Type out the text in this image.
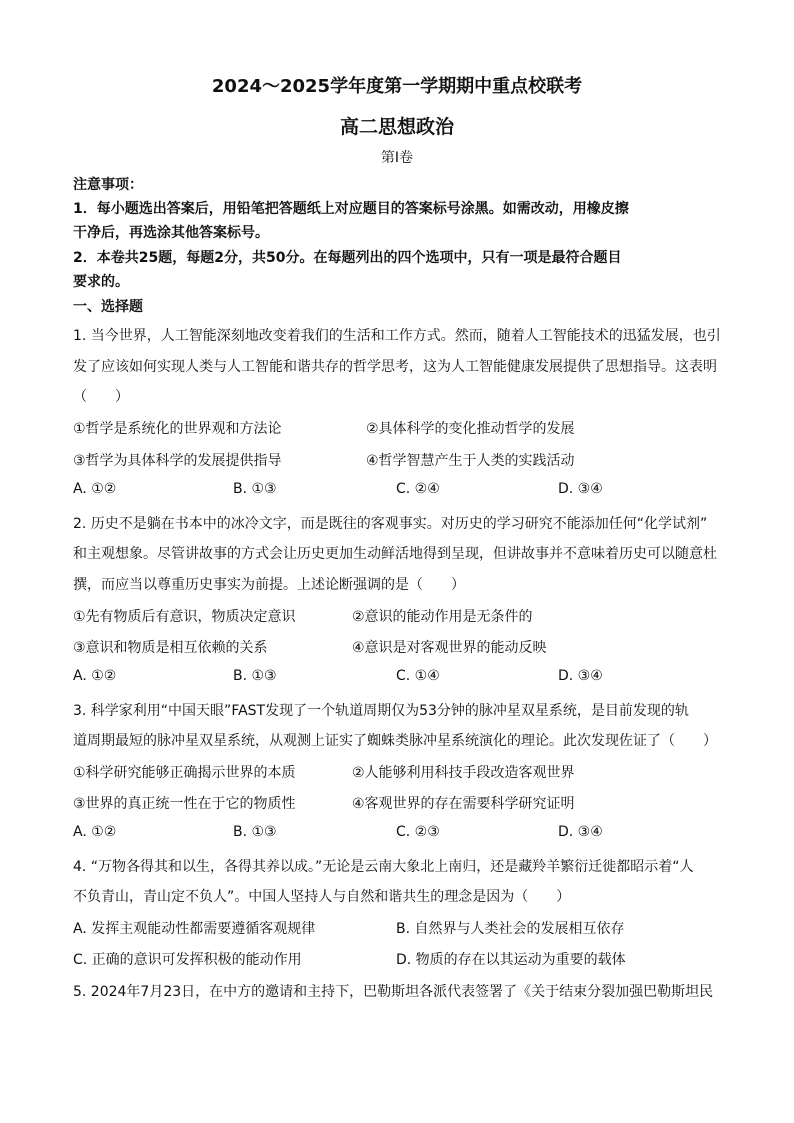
2024～2025学年度第一学期期中重点校联考
高二思想政治
第Ⅰ卷
注意事项：
1．每小题选出答案后，用铅笔把答题纸上对应题目的答案标号涂黑。如需改动，用橡皮擦
干净后，再选涂其他答案标号。
2．本卷共25题，每题2分，共50分。在每题列出的四个选项中，只有一项是最符合题目
要求的。
一、选择题
1. 当今世界，人工智能深刻地改变着我们的生活和工作方式。然而，随着人工智能技术的迅猛发展，也引
发了应该如何实现人类与人工智能和谐共存的哲学思考，这为人工智能健康发展提供了思想指导。这表明
（　　）
①哲学是系统化的世界观和方法论	②具体科学的变化推动哲学的发展
③哲学为具体科学的发展提供指导	④哲学智慧产生于人类的实践活动
A. ①②	B. ①③	C. ②④	D. ③④
2. 历史不是躺在书本中的冰冷文字，而是既往的客观事实。对历史的学习研究不能添加任何“化学试剂”
和主观想象。尽管讲故事的方式会让历史更加生动鲜活地得到呈现，但讲故事并不意味着历史可以随意杜
撰，而应当以尊重历史事实为前提。上述论断强调的是（　　）
①先有物质后有意识，物质决定意识	②意识的能动作用是无条件的
③意识和物质是相互依赖的关系	④意识是对客观世界的能动反映
A. ①②	B. ①③	C. ①④	D. ③④
3. 科学家利用“中国天眼”FAST发现了一个轨道周期仅为53分钟的脉冲星双星系统，是目前发现的轨
道周期最短的脉冲星双星系统，从观测上证实了蜘蛛类脉冲星系统演化的理论。此次发现佐证了（　　）
①科学研究能够正确揭示世界的本质	②人能够利用科技手段改造客观世界
③世界的真正统一性在于它的物质性	④客观世界的存在需要科学研究证明
A. ①②	B. ①③	C. ②③	D. ③④
4. “万物各得其和以生，各得其养以成。”无论是云南大象北上南归，还是藏羚羊繁衍迁徙都昭示着“人
不负青山，青山定不负人”。中国人坚持人与自然和谐共生的理念是因为（　　）
A. 发挥主观能动性都需要遵循客观规律	B. 自然界与人类社会的发展相互依存
C. 正确的意识可发挥积极的能动作用	D. 物质的存在以其运动为重要的载体
5. 2024年7月23日，在中方的邀请和主持下，巴勒斯坦各派代表签署了《关于结束分裂加强巴勒斯坦民
